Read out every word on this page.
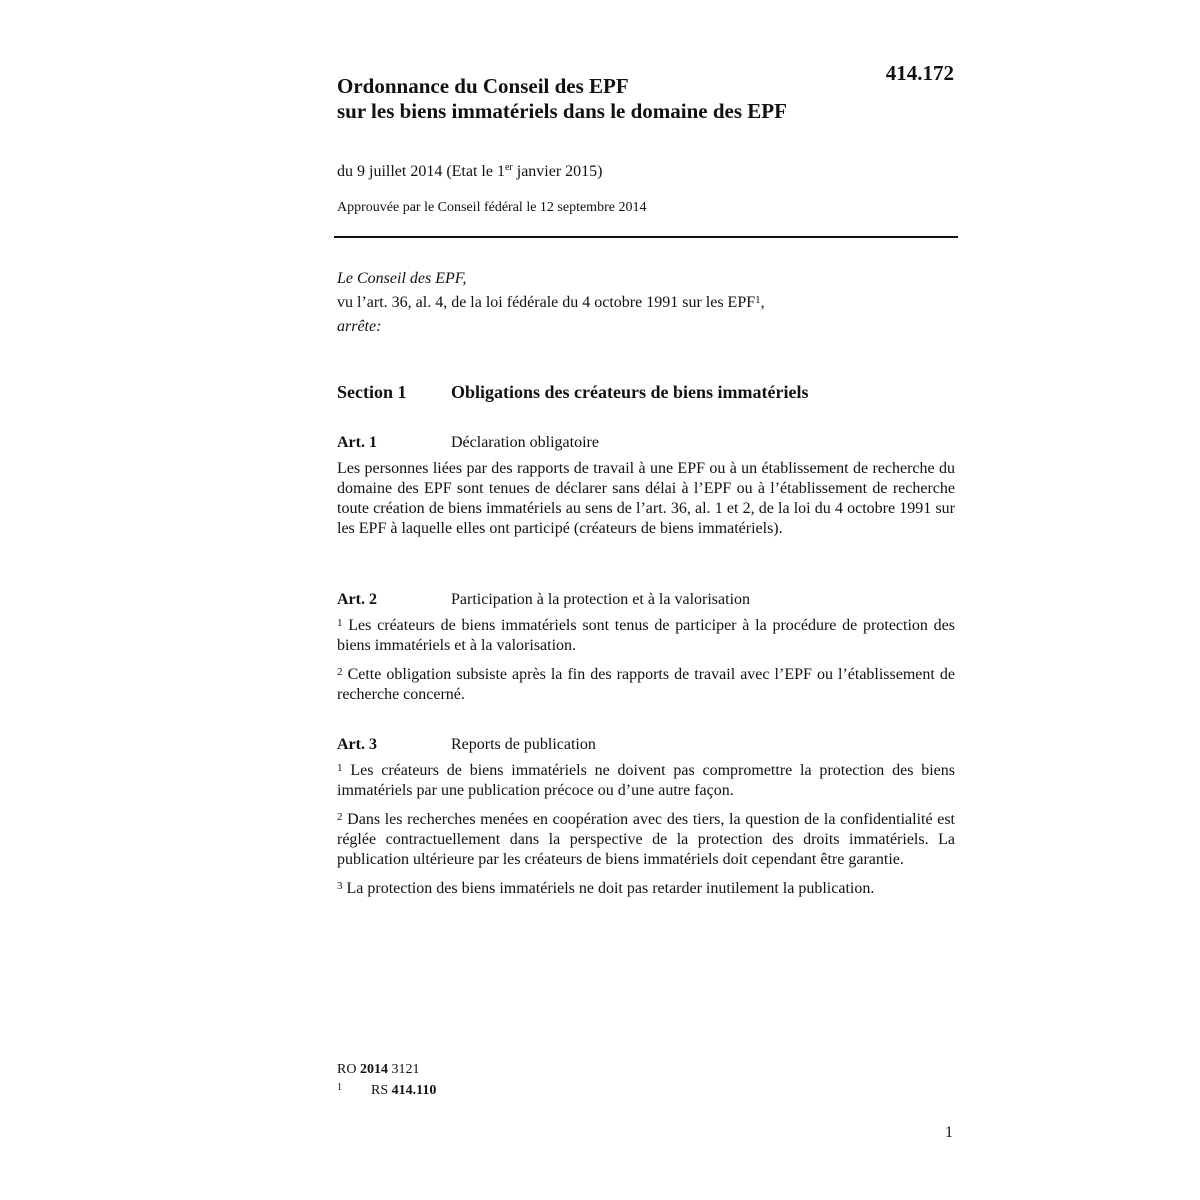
Ordonnance du Conseil des EPF
sur les biens immatériels dans le domaine des EPF
414.172
du 9 juillet 2014 (Etat le 1er janvier 2015)
Approuvée par le Conseil fédéral le 12 septembre 2014
Le Conseil des EPF,
vu l’art. 36, al. 4, de la loi fédérale du 4 octobre 1991 sur les EPF$^1$,
arrête:
Section 1 Obligations des créateurs de biens immatériels
Art. 1	Déclaration obligatoire
Les personnes liées par des rapports de travail à une EPF ou à un établissement de recherche du domaine des EPF sont tenues de déclarer sans délai à l’EPF ou à l’établissement de recherche toute création de biens immatériels au sens de l’art. 36, al. 1 et 2, de la loi du 4 octobre 1991 sur les EPF à laquelle elles ont participé (créateurs de biens immatériels).
Art. 2	Participation à la protection et à la valorisation
$^1$ Les créateurs de biens immatériels sont tenus de participer à la procédure de protection des biens immatériels et à la valorisation.
$^2$ Cette obligation subsiste après la fin des rapports de travail avec l’EPF ou l’établissement de recherche concerné.
Art. 3	Reports de publication
$^1$ Les créateurs de biens immatériels ne doivent pas compromettre la protection des biens immatériels par une publication précoce ou d’une autre façon.
$^2$ Dans les recherches menées en coopération avec des tiers, la question de la confidentialité est réglée contractuellement dans la perspective de la protection des droits immatériels. La publication ultérieure par les créateurs de biens immatériels doit cependant être garantie.
$^3$ La protection des biens immatériels ne doit pas retarder inutilement la publication.
RO 2014 3121
1 RS 414.110
1
